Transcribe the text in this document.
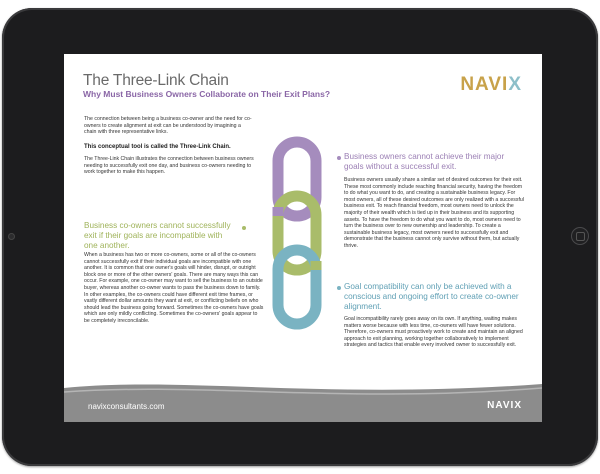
The Three-Link Chain
Why Must Business Owners Collaborate on Their Exit Plans?	NAVIX

The connection between being a business co-owner and the need for co-owners to create alignment at exit can be understood by imagining a chain with three representative links.

This conceptual tool is called the Three-Link Chain.

The Three-Link Chain illustrates the connection between business owners needing to successfully exit one day, and business co-owners needing to work together to make this happen.

Business co-owners cannot successfully exit if their goals are incompatible with one another.

When a business has two or more co-owners, some or all of the co-owners cannot successfully exit if their individual goals are incompatible with one another. It is common that one owner's goals will hinder, disrupt, or outright block one or more of the other owners' goals. There are many ways this can occur. For example, one co-owner may want to sell the business to an outside buyer, whereas another co-owner wants to pass the business down to family. In other examples, the co-owners could have different exit time frames, or vastly different dollar amounts they want at exit, or conflicting beliefs on who should lead the business going forward. Sometimes the co-owners have goals which are only mildly conflicting. Sometimes the co-owners' goals appear to be completely irreconcilable.

Business owners cannot achieve their major goals without a successful exit.

Business owners usually share a similar set of desired outcomes for their exit. These most commonly include reaching financial security, having the freedom to do what you want to do, and creating a sustainable business legacy. For most owners, all of these desired outcomes are only realized with a successful business exit. To reach financial freedom, most owners need to unlock the majority of their wealth which is tied up in their business and its supporting assets. To have the freedom to do what you want to do, most owners need to turn the business over to new ownership and leadership. To create a sustainable business legacy, most owners need to successfully exit and demonstrate that the business cannot only survive without them, but actually thrive.

Goal compatibility can only be achieved with a conscious and ongoing effort to create co-owner alignment.

Goal incompatibility rarely goes away on its own. If anything, waiting makes matters worse because with less time, co-owners will have fewer solutions. Therefore, co-owners must proactively work to create and maintain an aligned approach to exit planning, working together collaboratively to implement strategies and tactics that enable every involved owner to successfully exit.

navixconsultants.com	NAVIX
